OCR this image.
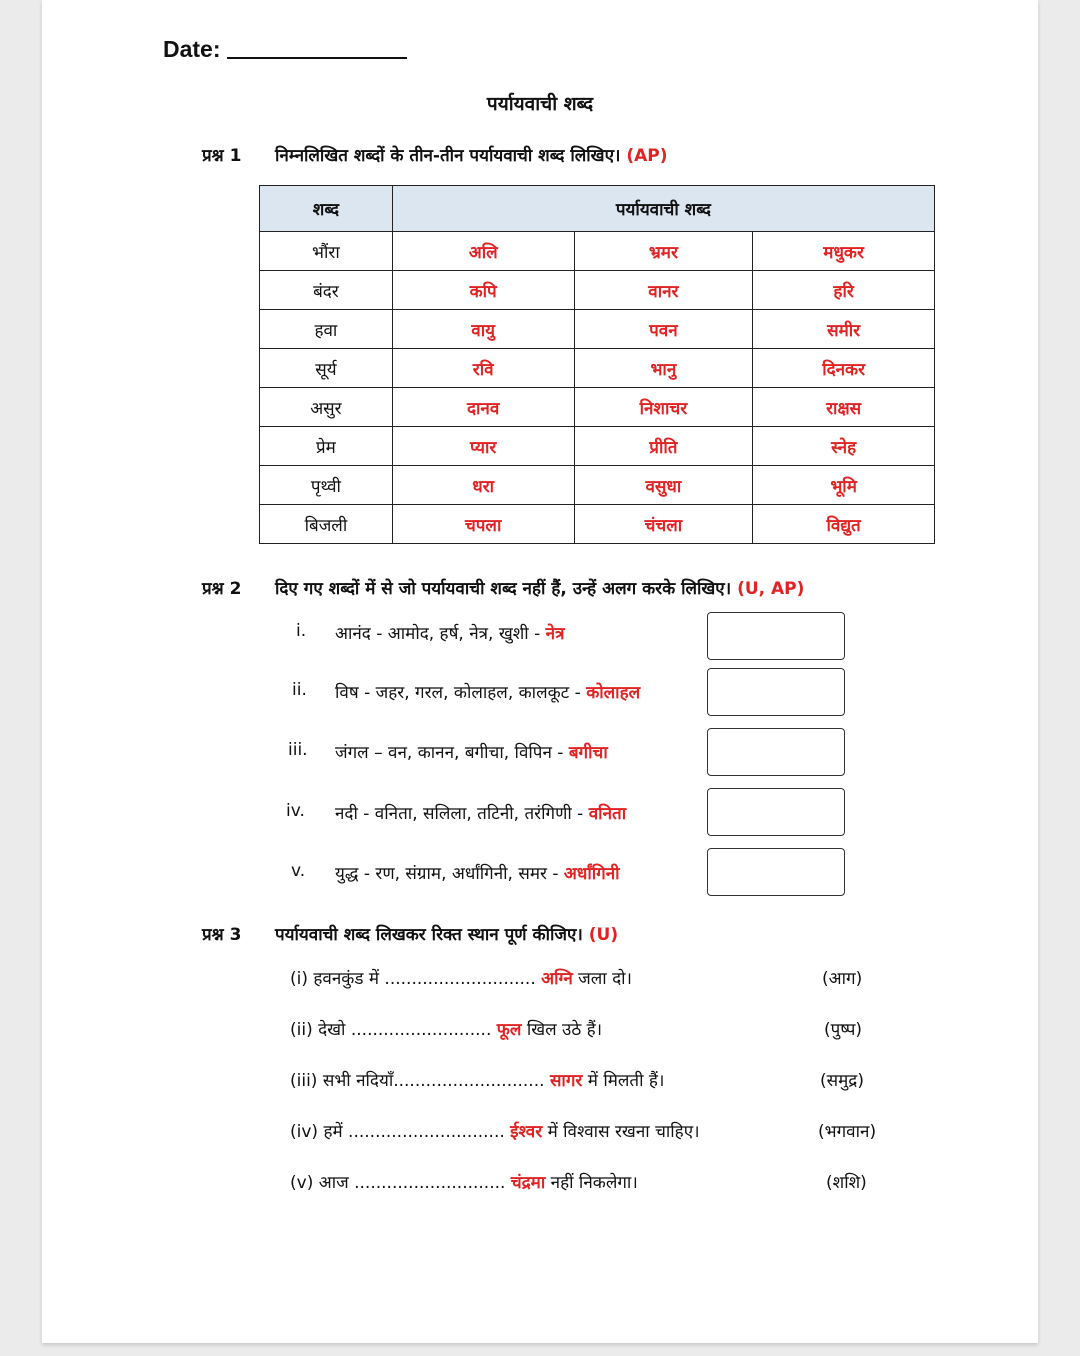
Date:
पर्यायवाची शब्द
प्रश्न 1 निम्नलिखित शब्दों के तीन-तीन पर्यायवाची शब्द लिखिए। (AP)
शब्द	पर्यायवाची शब्द		
भौंरा	अलि	भ्रमर	मधुकर
बंदर	कपि	वानर	हरि
हवा	वायु	पवन	समीर
सूर्य	रवि	भानु	दिनकर
असुर	दानव	निशाचर	राक्षस
प्रेम	प्यार	प्रीति	स्नेह
पृथ्वी	धरा	वसुधा	भूमि
बिजली	चपला	चंचला	विद्युत
प्रश्न 2 दिए गए शब्दों में से जो पर्यायवाची शब्द नहीं हैं, उन्हें अलग करके लिखिए। (U, AP)
i. आनंद - आमोद, हर्ष, नेत्र, खुशी - नेत्र
ii. विष - जहर, गरल, कोलाहल, कालकूट - कोलाहल
iii. जंगल – वन, कानन, बगीचा, विपिन - बगीचा
iv. नदी - वनिता, सलिला, तटिनी, तरंगिणी - वनिता
v. युद्ध - रण, संग्राम, अर्धांगिनी, समर - अर्धांगिनी
प्रश्न 3 पर्यायवाची शब्द लिखकर रिक्त स्थान पूर्ण कीजिए। (U)
(i) हवनकुंड में ............................ अग्नि जला दो।	(आग)
(ii) देखो .......................... फूल खिल उठे हैं।	(पुष्प)
(iii) सभी नदियाँ............................ सागर में मिलती हैं।	(समुद्र)
(iv) हमें ............................. ईश्वर में विश्वास रखना चाहिए।	(भगवान)
(v) आज ............................ चंद्रमा नहीं निकलेगा।	(शशि)
